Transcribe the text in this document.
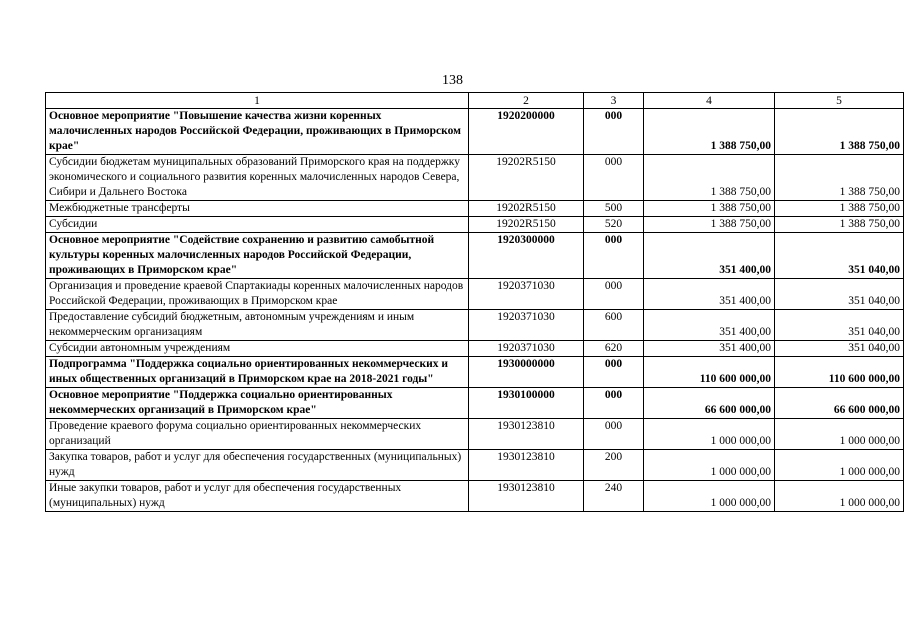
138
1	2	3	4	5
Основное мероприятие "Повышение качества жизни коренных малочисленных народов Российской Федерации, проживающих в Приморском крае"	1920200000	000	1 388 750,00	1 388 750,00
Субсидии бюджетам муниципальных образований Приморского края на поддержку экономического и социального развития коренных малочисленных народов Севера, Сибири и Дальнего Востока	19202R5150	000	1 388 750,00	1 388 750,00
Межбюджетные трансферты	19202R5150	500	1 388 750,00	1 388 750,00
Субсидии	19202R5150	520	1 388 750,00	1 388 750,00
Основное мероприятие "Содействие сохранению и развитию самобытной культуры коренных малочисленных народов Российской Федерации, проживающих в Приморском крае"	1920300000	000	351 400,00	351 040,00
Организация и проведение краевой Спартакиады коренных малочисленных народов Российской Федерации, проживающих в Приморском крае	1920371030	000	351 400,00	351 040,00
Предоставление субсидий бюджетным, автономным учреждениям и иным некоммерческим организациям	1920371030	600	351 400,00	351 040,00
Субсидии автономным учреждениям	1920371030	620	351 400,00	351 040,00
Подпрограмма "Поддержка социально ориентированных некоммерческих и иных общественных организаций в Приморском крае на 2018-2021 годы"	1930000000	000	110 600 000,00	110 600 000,00
Основное мероприятие "Поддержка социально ориентированных некоммерческих организаций в Приморском крае"	1930100000	000	66 600 000,00	66 600 000,00
Проведение краевого форума социально ориентированных некоммерческих организаций	1930123810	000	1 000 000,00	1 000 000,00
Закупка товаров, работ и услуг для обеспечения государственных (муниципальных) нужд	1930123810	200	1 000 000,00	1 000 000,00
Иные закупки товаров, работ и услуг для обеспечения государственных (муниципальных) нужд	1930123810	240	1 000 000,00	1 000 000,00
